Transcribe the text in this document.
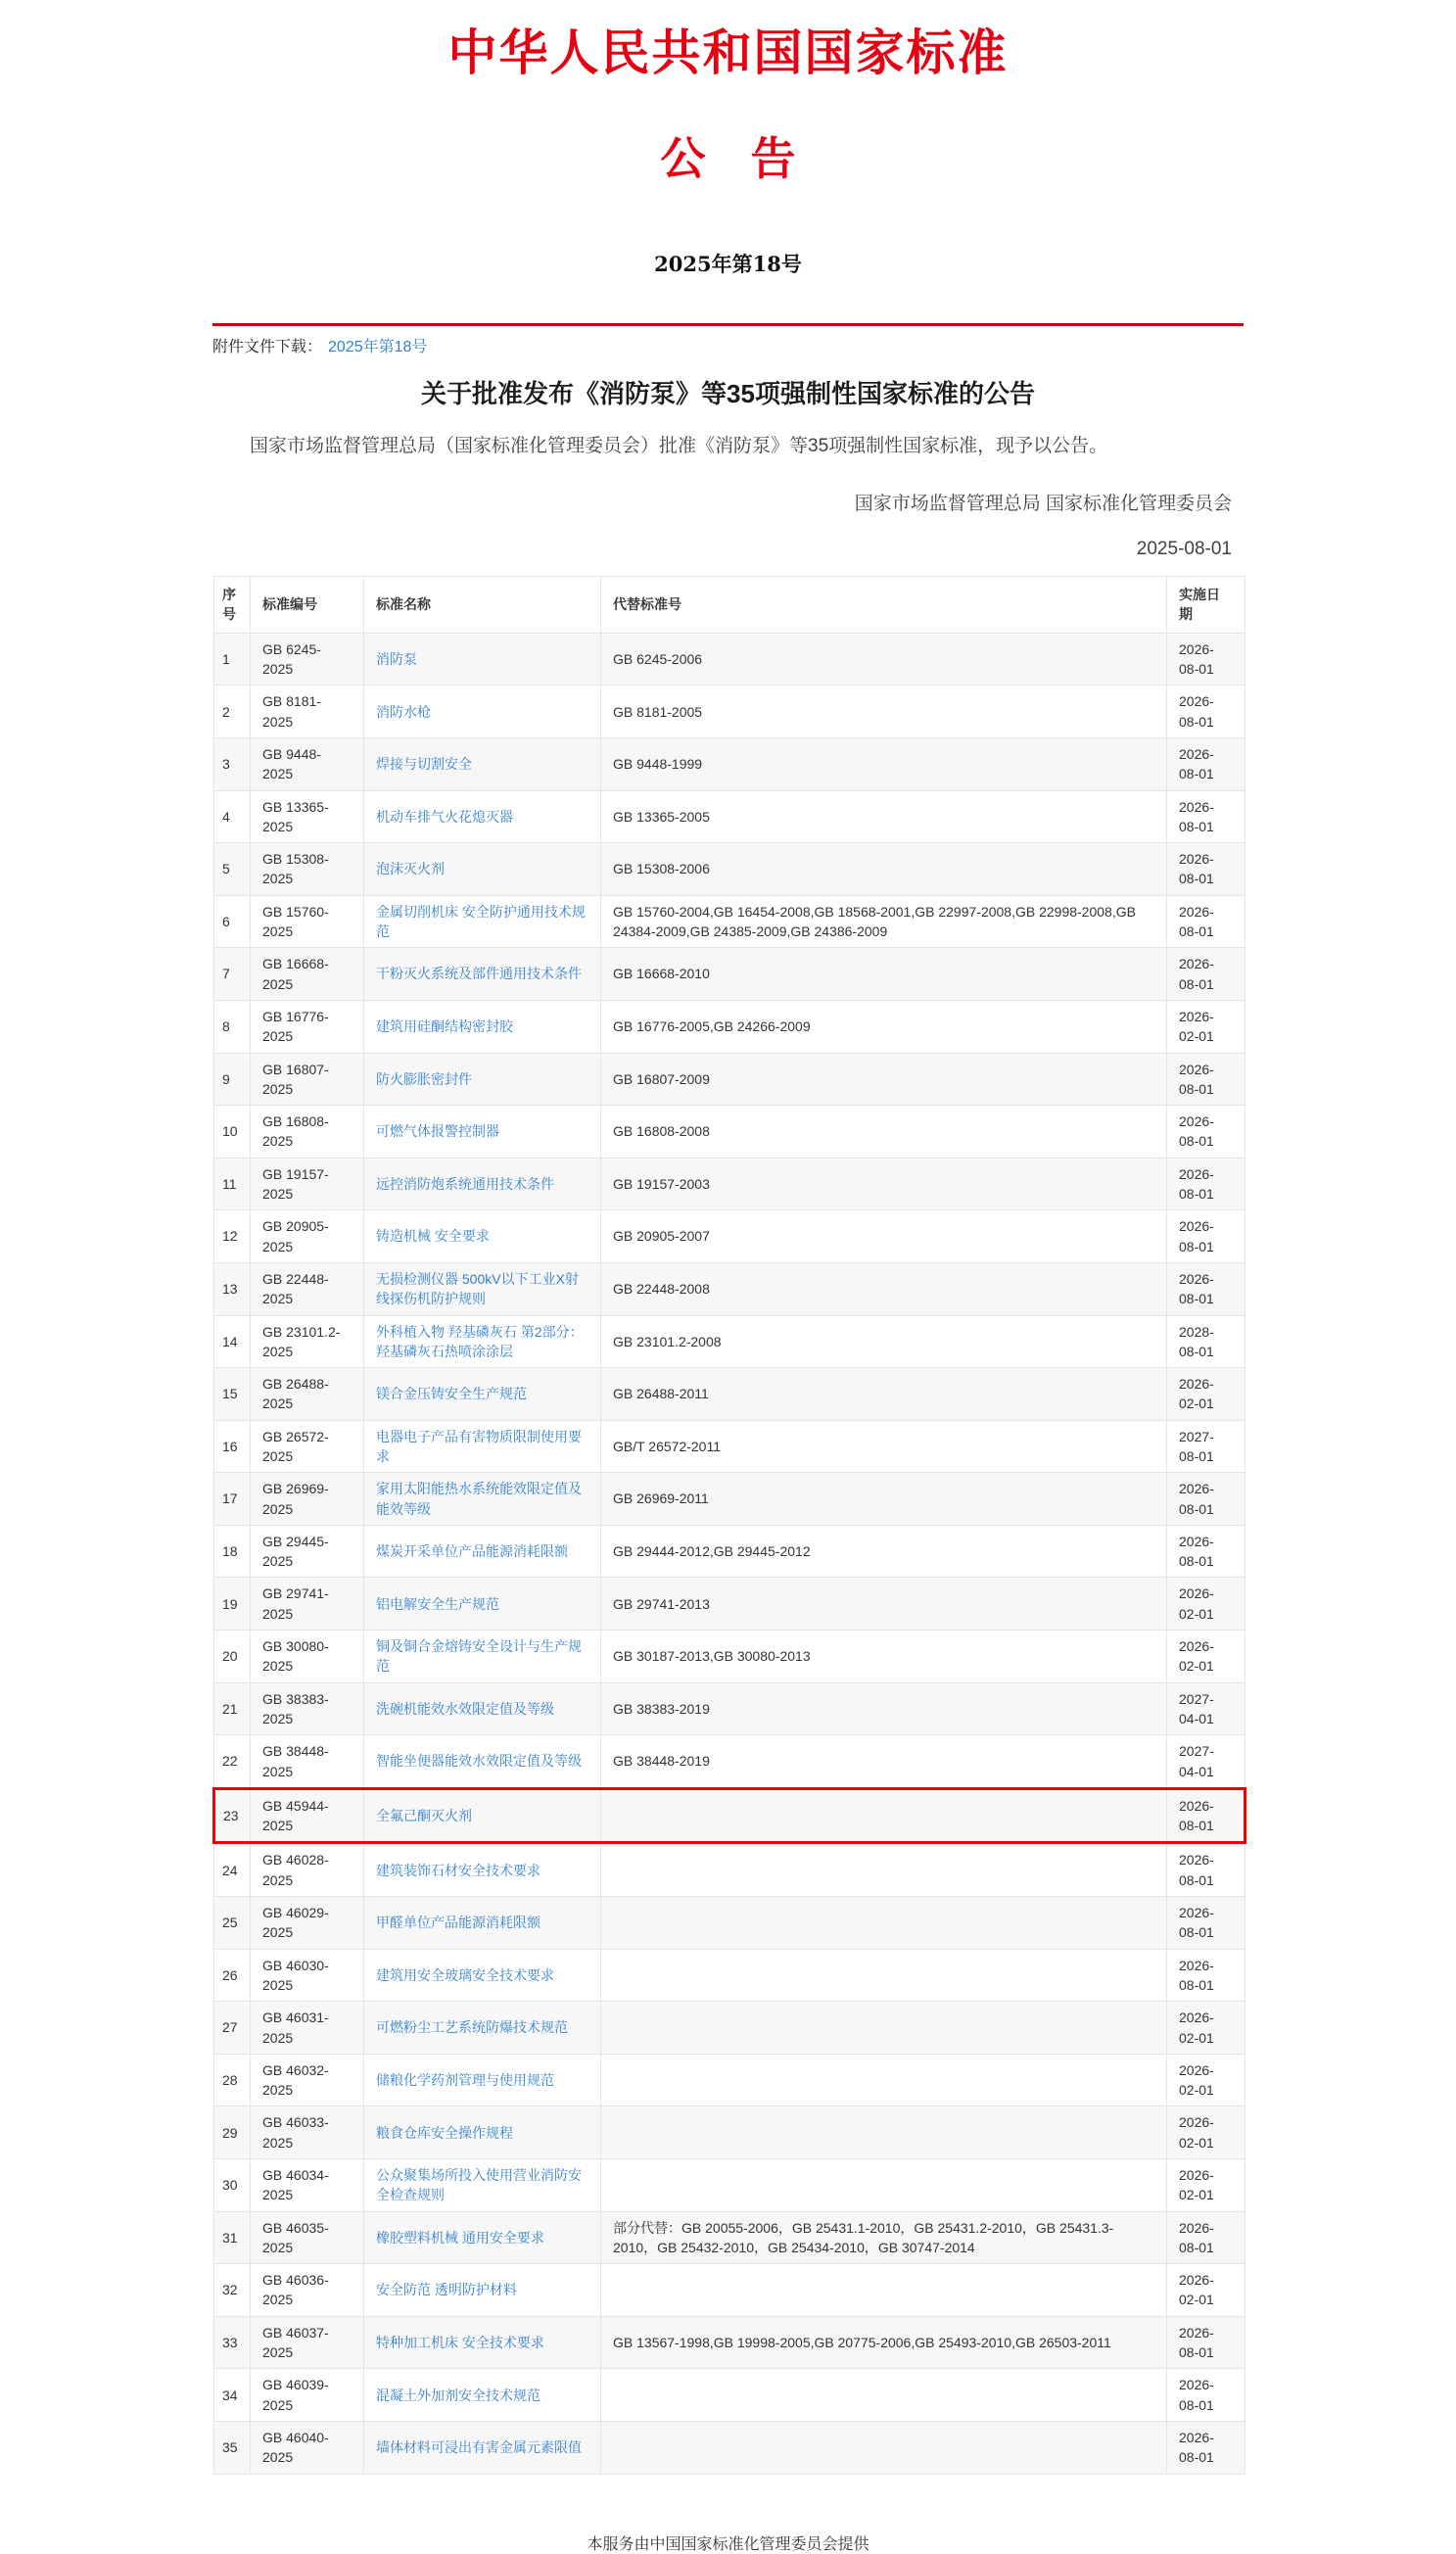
中华人民共和国国家标准
公　告
2025年第18号
附件文件下载： 2025年第18号
关于批准发布《消防泵》等35项强制性国家标准的公告
国家市场监督管理总局（国家标准化管理委员会）批准《消防泵》等35项强制性国家标准，现予以公告。
国家市场监督管理总局 国家标准化管理委员会
2025-08-01
序号	标准编号	标准名称	代替标准号	实施日期
1	GB 6245-2025	消防泵	GB 6245-2006	2026-08-01
2	GB 8181-2025	消防水枪	GB 8181-2005	2026-08-01
3	GB 9448-2025	焊接与切割安全	GB 9448-1999	2026-08-01
4	GB 13365-2025	机动车排气火花熄灭器	GB 13365-2005	2026-08-01
5	GB 15308-2025	泡沫灭火剂	GB 15308-2006	2026-08-01
6	GB 15760-2025	金属切削机床 安全防护通用技术规范	GB 15760-2004,GB 16454-2008,GB 18568-2001,GB 22997-2008,GB 22998-2008,GB 24384-2009,GB 24385-2009,GB 24386-2009	2026-08-01
7	GB 16668-2025	干粉灭火系统及部件通用技术条件	GB 16668-2010	2026-08-01
8	GB 16776-2025	建筑用硅酮结构密封胶	GB 16776-2005,GB 24266-2009	2026-02-01
9	GB 16807-2025	防火膨胀密封件	GB 16807-2009	2026-08-01
10	GB 16808-2025	可燃气体报警控制器	GB 16808-2008	2026-08-01
11	GB 19157-2025	远控消防炮系统通用技术条件	GB 19157-2003	2026-08-01
12	GB 20905-2025	铸造机械 安全要求	GB 20905-2007	2026-08-01
13	GB 22448-2025	无损检测仪器 500kV以下工业X射线探伤机防护规则	GB 22448-2008	2026-08-01
14	GB 23101.2-2025	外科植入物 羟基磷灰石 第2部分：羟基磷灰石热喷涂涂层	GB 23101.2-2008	2028-08-01
15	GB 26488-2025	镁合金压铸安全生产规范	GB 26488-2011	2026-02-01
16	GB 26572-2025	电器电子产品有害物质限制使用要求	GB/T 26572-2011	2027-08-01
17	GB 26969-2025	家用太阳能热水系统能效限定值及能效等级	GB 26969-2011	2026-08-01
18	GB 29445-2025	煤炭开采单位产品能源消耗限额	GB 29444-2012,GB 29445-2012	2026-08-01
19	GB 29741-2025	铝电解安全生产规范	GB 29741-2013	2026-02-01
20	GB 30080-2025	铜及铜合金熔铸安全设计与生产规范	GB 30187-2013,GB 30080-2013	2026-02-01
21	GB 38383-2025	洗碗机能效水效限定值及等级	GB 38383-2019	2027-04-01
22	GB 38448-2025	智能坐便器能效水效限定值及等级	GB 38448-2019	2027-04-01
23	GB 45944-2025	全氟己酮灭火剂		2026-08-01
24	GB 46028-2025	建筑装饰石材安全技术要求		2026-08-01
25	GB 46029-2025	甲醛单位产品能源消耗限额		2026-08-01
26	GB 46030-2025	建筑用安全玻璃安全技术要求		2026-08-01
27	GB 46031-2025	可燃粉尘工艺系统防爆技术规范		2026-02-01
28	GB 46032-2025	储粮化学药剂管理与使用规范		2026-02-01
29	GB 46033-2025	粮食仓库安全操作规程		2026-02-01
30	GB 46034-2025	公众聚集场所投入使用营业消防安全检查规则		2026-02-01
31	GB 46035-2025	橡胶塑料机械 通用安全要求	部分代替：GB 20055-2006，GB 25431.1-2010，GB 25431.2-2010，GB 25431.3-2010，GB 25432-2010，GB 25434-2010，GB 30747-2014	2026-08-01
32	GB 46036-2025	安全防范 透明防护材料		2026-02-01
33	GB 46037-2025	特种加工机床 安全技术要求	GB 13567-1998,GB 19998-2005,GB 20775-2006,GB 25493-2010,GB 26503-2011	2026-08-01
34	GB 46039-2025	混凝土外加剂安全技术规范		2026-08-01
35	GB 46040-2025	墙体材料可浸出有害金属元素限值		2026-08-01
本服务由中国国家标准化管理委员会提供
